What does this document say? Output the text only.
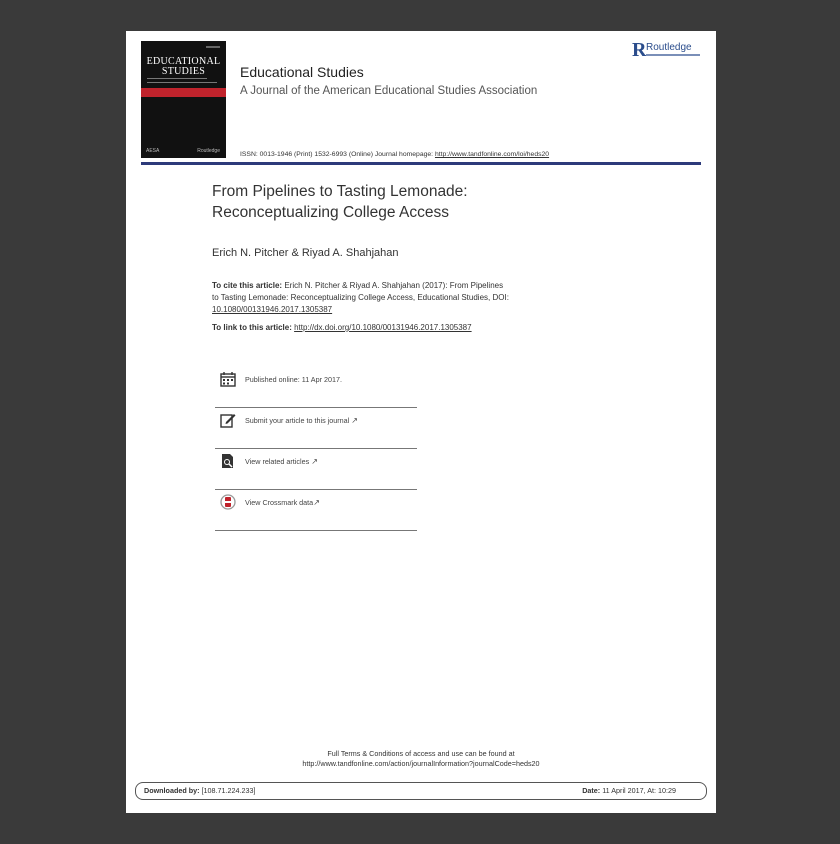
EDUCATIONAL
STUDIES
AESA	Routledge
Educational Studies
A Journal of the American Educational Studies Association
ISSN: 0013-1946 (Print) 1532-6993 (Online) Journal homepage: http://www.tandfonline.com/loi/heds20
R Routledge
From Pipelines to Tasting Lemonade:
Reconceptualizing College Access
Erich N. Pitcher & Riyad A. Shahjahan
To cite this article: Erich N. Pitcher & Riyad A. Shahjahan (2017): From Pipelines
to Tasting Lemonade: Reconceptualizing College Access, Educational Studies, DOI:
10.1080/00131946.2017.1305387
To link to this article: http://dx.doi.org/10.1080/00131946.2017.1305387
Published online: 11 Apr 2017.
Submit your article to this journal ↗
View related articles ↗
View Crossmark data↗
Full Terms & Conditions of access and use can be found at
http://www.tandfonline.com/action/journalInformation?journalCode=heds20
Downloaded by: [108.71.224.233]	Date: 11 April 2017, At: 10:29
